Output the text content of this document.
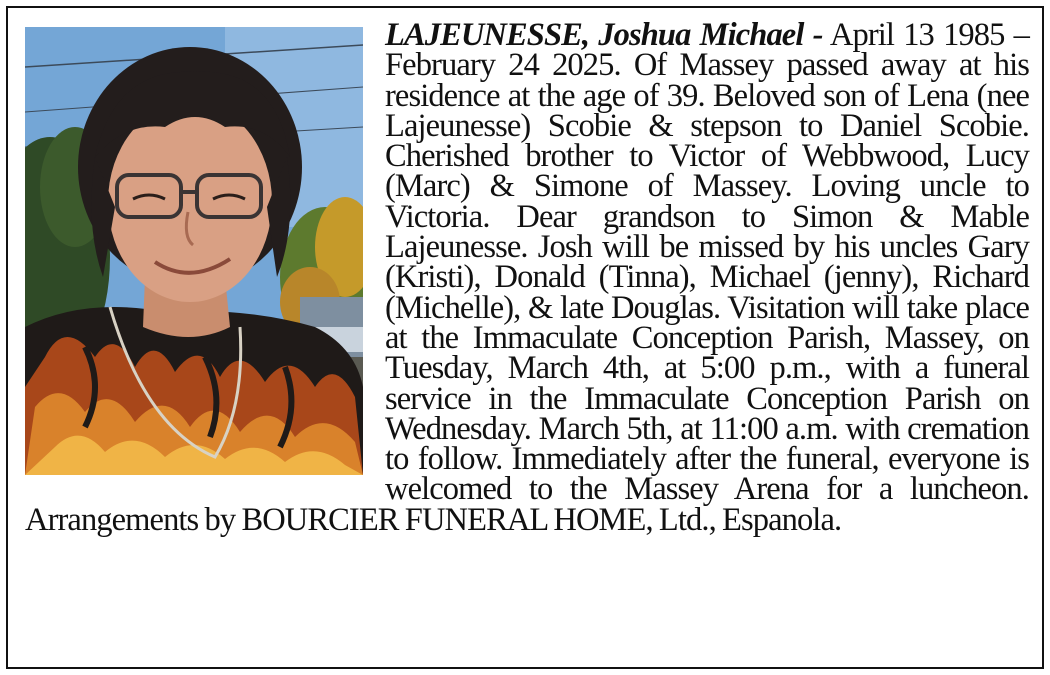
LAJEUNESSE, Joshua Michael - April 13 1985 – February 24 2025. Of Massey passed away at his residence at the age of 39. Beloved son of Lena (nee Lajeunesse) Scobie & stepson to Daniel Scobie. Cherished brother to Victor of Webbwood, Lucy (Marc) & Simone of Massey. Loving uncle to Victoria. Dear grandson to Simon & Mable Lajeunesse. Josh will be missed by his uncles Gary (Kristi), Donald (Tinna), Michael (jenny), Richard (Michelle), & late Douglas. Visitation will take place at the Immaculate Conception Parish, Massey, on Tuesday, March 4th, at 5:00 p.m., with a funeral service in the Immaculate Conception Parish on Wednesday. March 5th, at 11:00 a.m. with cremation to follow. Immediately after the funeral, everyone is welcomed to the Massey Arena for a luncheon. Arrangements by BOURCIER FUNERAL HOME, Ltd., Espanola.
